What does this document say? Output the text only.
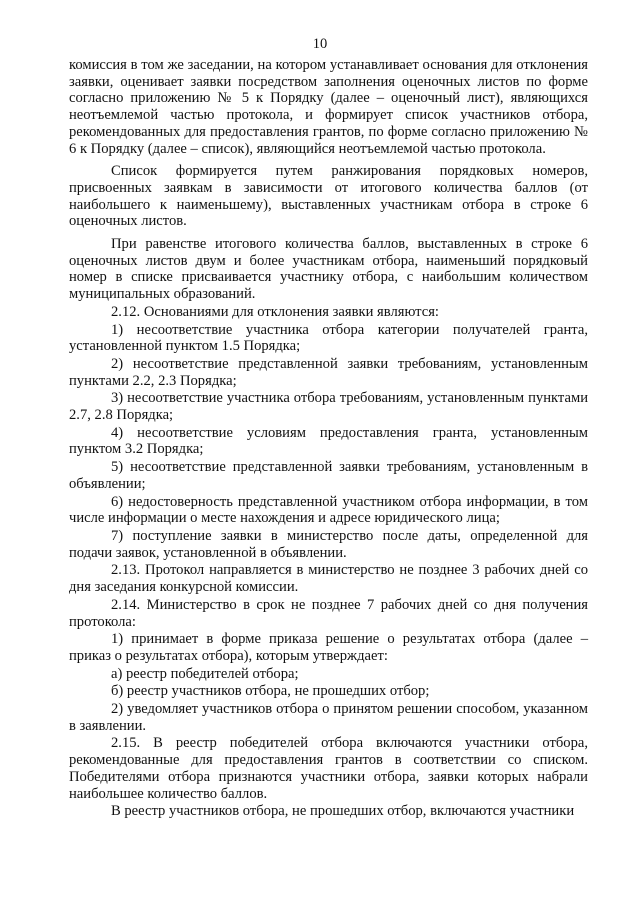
10

комиссия в том же заседании, на котором устанавливает основания для отклонения заявки, оценивает заявки посредством заполнения оценочных листов по форме согласно приложению № 5 к Порядку (далее – оценочный лист), являющихся неотъемлемой частью протокола, и формирует список участников отбора, рекомендованных для предоставления грантов, по форме согласно приложению № 6 к Порядку (далее – список), являющийся неотъемлемой частью протокола.

Список формируется путем ранжирования порядковых номеров, присвоенных заявкам в зависимости от итогового количества баллов (от наибольшего к наименьшему), выставленных участникам отбора в строке 6 оценочных листов.

При равенстве итогового количества баллов, выставленных в строке 6 оценочных листов двум и более участникам отбора, наименьший порядковый номер в списке присваивается участнику отбора, с наибольшим количеством муниципальных образований.

2.12. Основаниями для отклонения заявки являются:

1) несоответствие участника отбора категории получателей гранта, установленной пунктом 1.5 Порядка;

2) несоответствие представленной заявки требованиям, установленным пунктами 2.2, 2.3 Порядка;

3) несоответствие участника отбора требованиям, установленным пунктами 2.7, 2.8 Порядка;

4) несоответствие условиям предоставления гранта, установленным пунктом 3.2 Порядка;

5) несоответствие представленной заявки требованиям, установленным в объявлении;

6) недостоверность представленной участником отбора информации, в том числе информации о месте нахождения и адресе юридического лица;

7) поступление заявки в министерство после даты, определенной для подачи заявок, установленной в объявлении.

2.13. Протокол направляется в министерство не позднее 3 рабочих дней со дня заседания конкурсной комиссии.

2.14. Министерство в срок не позднее 7 рабочих дней со дня получения протокола:

1) принимает в форме приказа решение о результатах отбора (далее – приказ о результатах отбора), которым утверждает:

а) реестр победителей отбора;

б) реестр участников отбора, не прошедших отбор;

2) уведомляет участников отбора о принятом решении способом, указанном в заявлении.

2.15. В реестр победителей отбора включаются участники отбора, рекомендованные для предоставления грантов в соответствии со списком. Победителями отбора признаются участники отбора, заявки которых набрали наибольшее количество баллов.

В реестр участников отбора, не прошедших отбор, включаются участники
